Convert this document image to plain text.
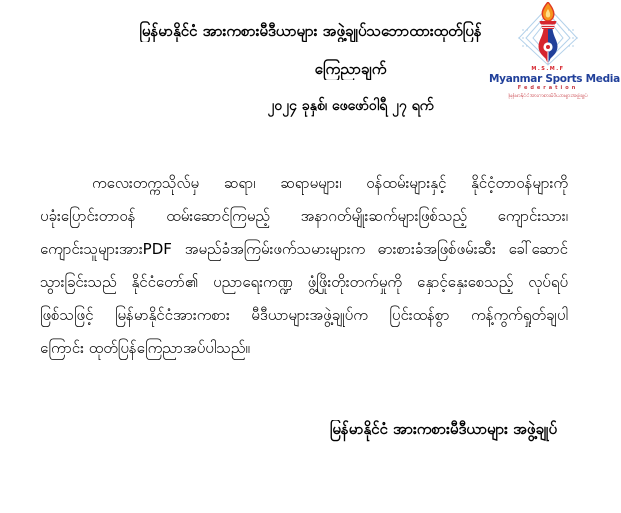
မြန်မာနိုင်ငံ အားကစားမီဒီယာများ အဖွဲ့ချုပ်သဘောထားထုတ်ပြန်
ကြေညာချက်
၂၀၂၄ ခုနှစ်၊ ဖေဖော်ဝါရီ ၂၇ ရက်
M.S.M.F
Myanmar Sports Media
Federation
မြန်မာနိုင်ငံအားကစားမီဒီယာများအဖွဲ့ချုပ်
ကလေးတက္ကသိုလ်မှ ဆရာ၊ ဆရာမများ၊ ဝန်ထမ်းများနှင့် နိုင်ငံ့တာဝန်များကို
ပခုံးပြောင်းတာဝန် ထမ်းဆောင်ကြမည့် အနာဂတ်မျိုးဆက်များဖြစ်သည့် ကျောင်းသား၊
ကျောင်းသူများအားPDF အမည်ခံအကြမ်းဖက်သမားများက ဓားစားခံအဖြစ်ဖမ်းဆီး ခေါ်ဆောင်
သွားခြင်းသည် နိုင်ငံတော်၏ ပညာရေးကဏ္ဍ ဖွံ့ဖြိုးတိုးတက်မှုကို နှောင့်နှေးစေသည့် လုပ်ရပ်
ဖြစ်သဖြင့် မြန်မာနိုင်ငံအားကစား မီဒီယာများအဖွဲ့ချုပ်က ပြင်းထန်စွာ ကန့်ကွက်ရှုတ်ချပါ
ကြောင်း ထုတ်ပြန်ကြေညာအပ်ပါသည်။
မြန်မာနိုင်ငံ အားကစားမီဒီယာများ အဖွဲ့ချုပ်
